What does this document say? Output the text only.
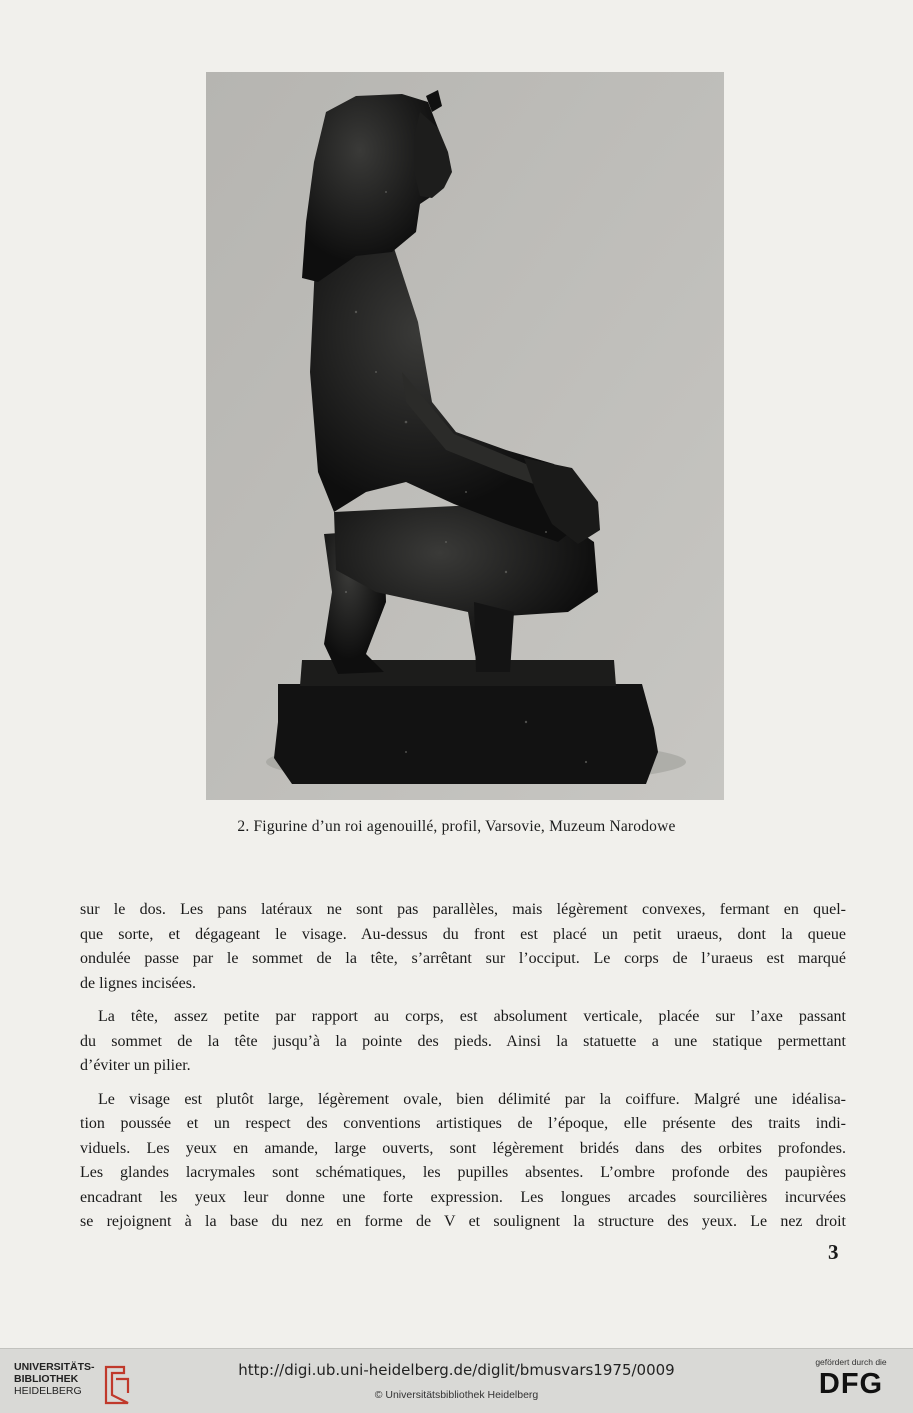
2. Figurine d’un roi agenouillé, profil, Varsovie, Muzeum Narodowe

sur le dos. Les pans latéraux ne sont pas parallèles, mais légèrement convexes, fermant en quel-
que sorte, et dégageant le visage. Au-dessus du front est placé un petit uraeus, dont la queue
ondulée passe par le sommet de la tête, s’arrêtant sur l’occiput. Le corps de l’uraeus est marqué
de lignes incisées.

La tête, assez petite par rapport au corps, est absolument verticale, placée sur l’axe passant
du sommet de la tête jusqu’à la pointe des pieds. Ainsi la statuette a une statique permettant
d’éviter un pilier.

Le visage est plutôt large, légèrement ovale, bien délimité par la coiffure. Malgré une idéalisa-
tion poussée et un respect des conventions artistiques de l’époque, elle présente des traits indi-
viduels. Les yeux en amande, large ouverts, sont légèrement bridés dans des orbites profondes.
Les glandes lacrymales sont schématiques, les pupilles absentes. L’ombre profonde des paupières
encadrant les yeux leur donne une forte expression. Les longues arcades sourcilières incurvées
se rejoignent à la base du nez en forme de V et soulignent la structure des yeux. Le nez droit

3
UNIVERSITÄTS-
BIBLIOTHEK
HEIDELBERG
http://digi.ub.uni-heidelberg.de/diglit/bmusvars1975/0009
© Universitätsbibliothek Heidelberg
gefördert durch die
DFG
